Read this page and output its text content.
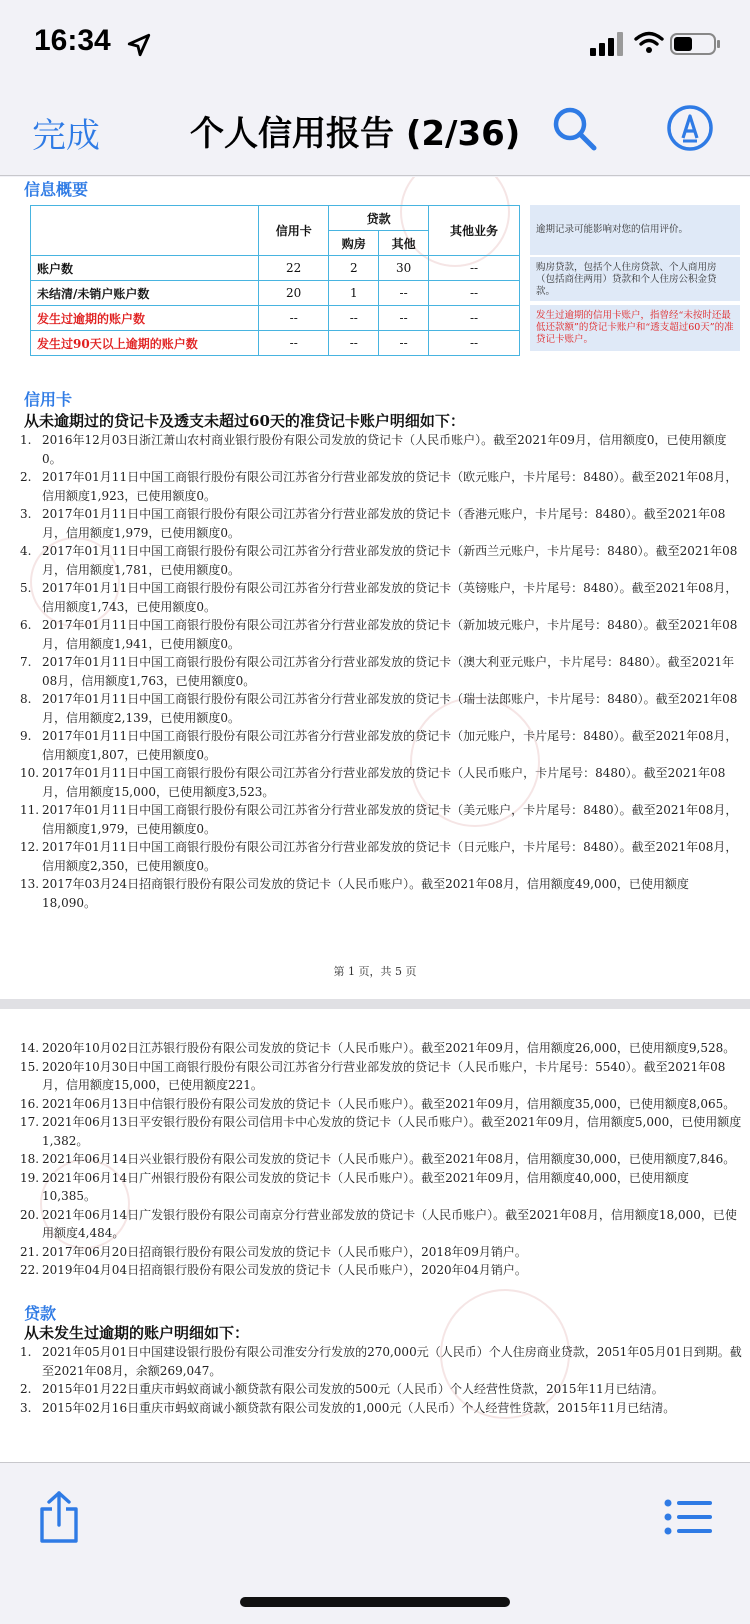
16:34
完成	个人信用报告 (2/36)
信息概要
	信用卡	贷款		其他业务
		购房	其他	
账户数	22	2	30	--
未结清/未销户账户数	20	1	--	--
发生过逾期的账户数	--	--	--	--
发生过90天以上逾期的账户数	--	--	--	--
逾期记录可能影响对您的信用评价。
购房贷款，包括个人住房贷款、个人商用房（包括商住两用）贷款和个人住房公积金贷款。
发生过逾期的信用卡账户，指曾经“未按时还最低还款额”的贷记卡账户和“透支超过60天”的准贷记卡账户。
信用卡
从未逾期过的贷记卡及透支未超过60天的准贷记卡账户明细如下：
1. 2016年12月03日浙江萧山农村商业银行股份有限公司发放的贷记卡（人民币账户）。截至2021年09月，信用额度0，已使用额度0。
2. 2017年01月11日中国工商银行股份有限公司江苏省分行营业部发放的贷记卡（欧元账户，卡片尾号：8480）。截至2021年08月，信用额度1,923，已使用额度0。
3. 2017年01月11日中国工商银行股份有限公司江苏省分行营业部发放的贷记卡（香港元账户，卡片尾号：8480）。截至2021年08月，信用额度1,979，已使用额度0。
4. 2017年01月11日中国工商银行股份有限公司江苏省分行营业部发放的贷记卡（新西兰元账户，卡片尾号：8480）。截至2021年08月，信用额度1,781，已使用额度0。
5. 2017年01月11日中国工商银行股份有限公司江苏省分行营业部发放的贷记卡（英镑账户，卡片尾号：8480）。截至2021年08月，信用额度1,743，已使用额度0。
6. 2017年01月11日中国工商银行股份有限公司江苏省分行营业部发放的贷记卡（新加坡元账户，卡片尾号：8480）。截至2021年08月，信用额度1,941，已使用额度0。
7. 2017年01月11日中国工商银行股份有限公司江苏省分行营业部发放的贷记卡（澳大利亚元账户，卡片尾号：8480）。截至2021年08月，信用额度1,763，已使用额度0。
8. 2017年01月11日中国工商银行股份有限公司江苏省分行营业部发放的贷记卡（瑞士法郎账户，卡片尾号：8480）。截至2021年08月，信用额度2,139，已使用额度0。
9. 2017年01月11日中国工商银行股份有限公司江苏省分行营业部发放的贷记卡（加元账户，卡片尾号：8480）。截至2021年08月，信用额度1,807，已使用额度0。
10. 2017年01月11日中国工商银行股份有限公司江苏省分行营业部发放的贷记卡（人民币账户，卡片尾号：8480）。截至2021年08月，信用额度15,000，已使用额度3,523。
11. 2017年01月11日中国工商银行股份有限公司江苏省分行营业部发放的贷记卡（美元账户，卡片尾号：8480）。截至2021年08月，信用额度1,979，已使用额度0。
12. 2017年01月11日中国工商银行股份有限公司江苏省分行营业部发放的贷记卡（日元账户，卡片尾号：8480）。截至2021年08月，信用额度2,350，已使用额度0。
13. 2017年03月24日招商银行股份有限公司发放的贷记卡（人民币账户）。截至2021年08月，信用额度49,000，已使用额度18,090。
第 1 页，共 5 页
14. 2020年10月02日江苏银行股份有限公司发放的贷记卡（人民币账户）。截至2021年09月，信用额度26,000，已使用额度9,528。
15. 2020年10月30日中国工商银行股份有限公司江苏省分行营业部发放的贷记卡（人民币账户，卡片尾号：5540）。截至2021年08月，信用额度15,000，已使用额度221。
16. 2021年06月13日中信银行股份有限公司发放的贷记卡（人民币账户）。截至2021年09月，信用额度35,000，已使用额度8,065。
17. 2021年06月13日平安银行股份有限公司信用卡中心发放的贷记卡（人民币账户）。截至2021年09月，信用额度5,000，已使用额度1,382。
18. 2021年06月14日兴业银行股份有限公司发放的贷记卡（人民币账户）。截至2021年08月，信用额度30,000，已使用额度7,846。
19. 2021年06月14日广州银行股份有限公司发放的贷记卡（人民币账户）。截至2021年09月，信用额度40,000，已使用额度10,385。
20. 2021年06月14日广发银行股份有限公司南京分行营业部发放的贷记卡（人民币账户）。截至2021年08月，信用额度18,000，已使用额度4,484。
21. 2017年06月20日招商银行股份有限公司发放的贷记卡（人民币账户），2018年09月销户。
22. 2019年04月04日招商银行股份有限公司发放的贷记卡（人民币账户），2020年04月销户。
贷款
从未发生过逾期的账户明细如下：
1. 2021年05月01日中国建设银行股份有限公司淮安分行发放的270,000元（人民币）个人住房商业贷款，2051年05月01日到期。截至2021年08月，余额269,047。
2. 2015年01月22日重庆市蚂蚁商诚小额贷款有限公司发放的500元（人民币）个人经营性贷款，2015年11月已结清。
3. 2015年02月16日重庆市蚂蚁商诚小额贷款有限公司发放的1,000元（人民币）个人经营性贷款，2015年11月已结清。
